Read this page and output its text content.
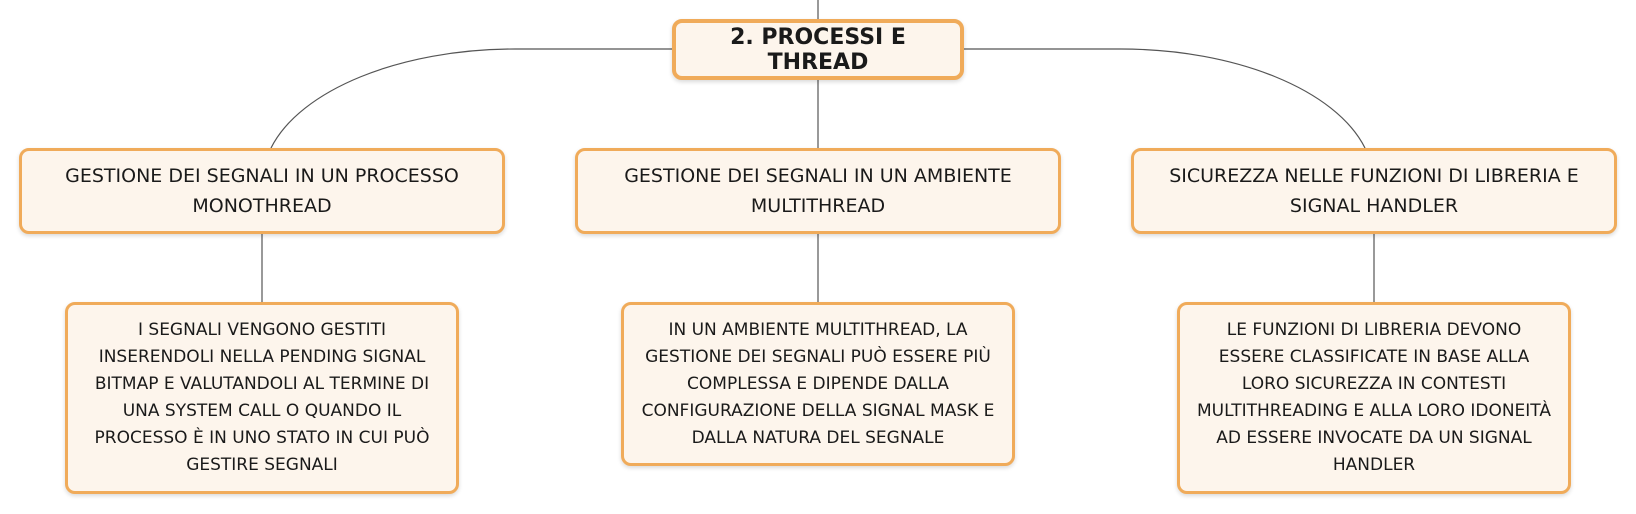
2. PROCESSI E THREAD
GESTIONE DEI SEGNALI IN UN PROCESSO MONOTHREAD
GESTIONE DEI SEGNALI IN UN AMBIENTE MULTITHREAD
SICUREZZA NELLE FUNZIONI DI LIBRERIA E SIGNAL HANDLER
I SEGNALI VENGONO GESTITI INSERENDOLI NELLA PENDING SIGNAL BITMAP E VALUTANDOLI AL TERMINE DI UNA SYSTEM CALL O QUANDO IL PROCESSO È IN UNO STATO IN CUI PUÒ GESTIRE SEGNALI
IN UN AMBIENTE MULTITHREAD, LA GESTIONE DEI SEGNALI PUÒ ESSERE PIÙ COMPLESSA E DIPENDE DALLA CONFIGURAZIONE DELLA SIGNAL MASK E DALLA NATURA DEL SEGNALE
LE FUNZIONI DI LIBRERIA DEVONO ESSERE CLASSIFICATE IN BASE ALLA LORO SICUREZZA IN CONTESTI MULTITHREADING E ALLA LORO IDONEITÀ AD ESSERE INVOCATE DA UN SIGNAL HANDLER
